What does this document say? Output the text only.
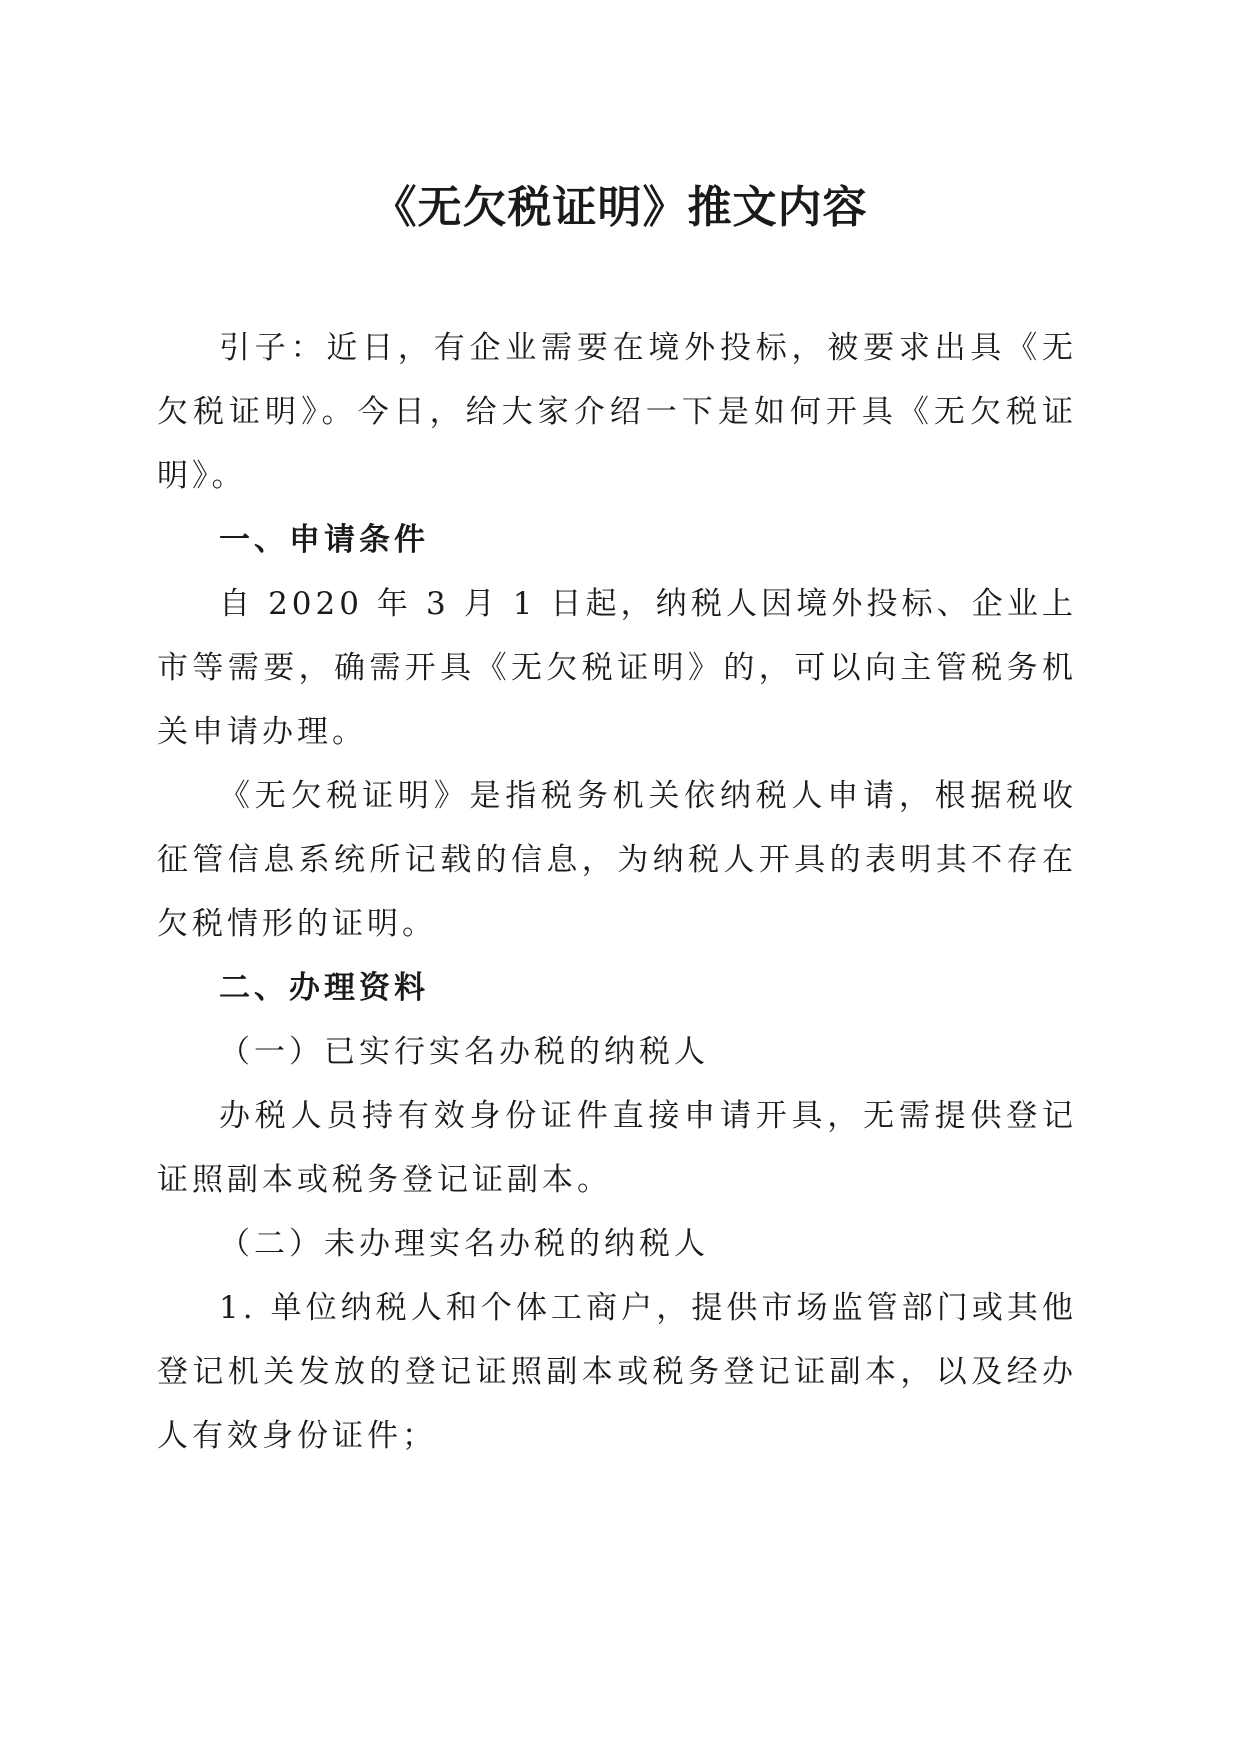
《无欠税证明》推文内容

引子：近日，有企业需要在境外投标，被要求出具《无欠税证明》。今日，给大家介绍一下是如何开具《无欠税证明》。

一、申请条件

自 2020 年 3 月 1 日起，纳税人因境外投标、企业上市等需要，确需开具《无欠税证明》的，可以向主管税务机关申请办理。

《无欠税证明》是指税务机关依纳税人申请，根据税收征管信息系统所记载的信息，为纳税人开具的表明其不存在欠税情形的证明。

二、办理资料

（一）已实行实名办税的纳税人

办税人员持有效身份证件直接申请开具，无需提供登记证照副本或税务登记证副本。

（二）未办理实名办税的纳税人

1. 单位纳税人和个体工商户，提供市场监管部门或其他登记机关发放的登记证照副本或税务登记证副本，以及经办人有效身份证件；
